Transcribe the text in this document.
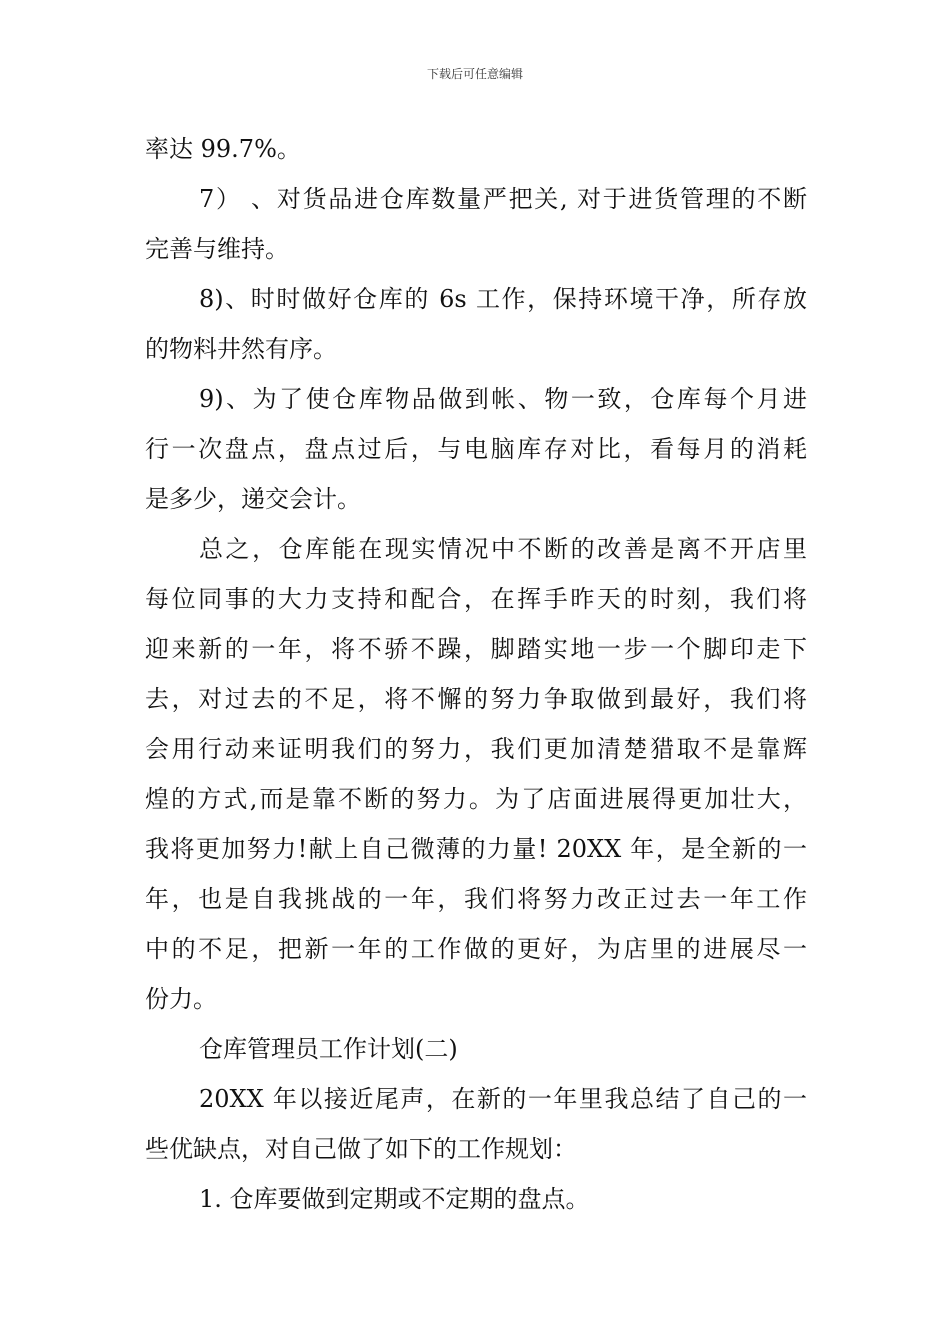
下载后可任意编辑
率达 99.7%。
7） 、对货品进仓库数量严把关, 对于进货管理的不断
完善与维持。
8)、时时做好仓库的 6s 工作，保持环境干净，所存放
的物料井然有序。
9)、为了使仓库物品做到帐、物一致，仓库每个月进
行一次盘点，盘点过后，与电脑库存对比，看每月的消耗
是多少，递交会计。
总之，仓库能在现实情况中不断的改善是离不开店里
每位同事的大力支持和配合，在挥手昨天的时刻，我们将
迎来新的一年，将不骄不躁，脚踏实地一步一个脚印走下
去，对过去的不足，将不懈的努力争取做到最好，我们将
会用行动来证明我们的努力，我们更加清楚猎取不是靠辉
煌的方式,而是靠不断的努力。为了店面进展得更加壮大，
我将更加努力!献上自己微薄的力量! 20XX 年，是全新的一
年，也是自我挑战的一年，我们将努力改正过去一年工作
中的不足，把新一年的工作做的更好，为店里的进展尽一
份力。
仓库管理员工作计划(二)
20XX 年以接近尾声，在新的一年里我总结了自己的一
些优缺点，对自己做了如下的工作规划：
1. 仓库要做到定期或不定期的盘点。
